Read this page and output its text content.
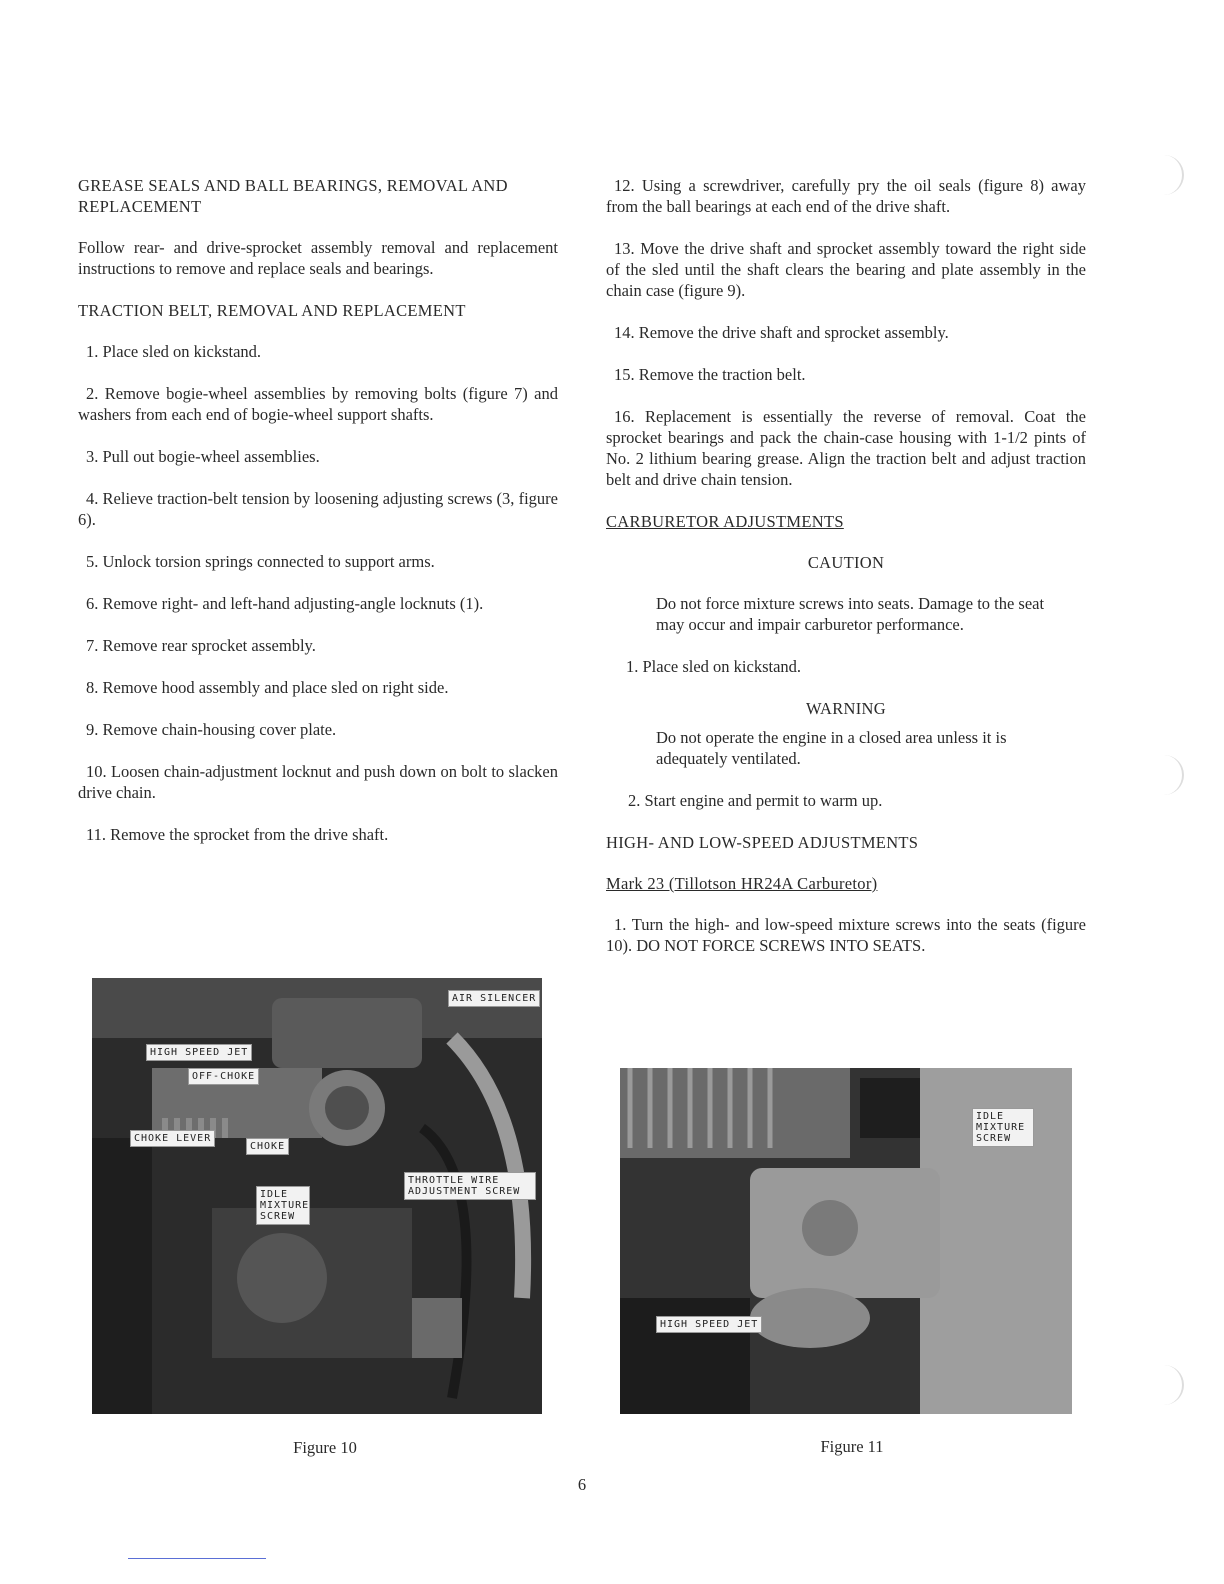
GREASE SEALS AND BALL BEARINGS, REMOVAL AND REPLACEMENT

Follow rear- and drive-sprocket assembly removal and replacement instructions to remove and replace seals and bearings.

TRACTION BELT, REMOVAL AND REPLACEMENT

1. Place sled on kickstand.

2. Remove bogie-wheel assemblies by removing bolts (figure 7) and washers from each end of bogie-wheel support shafts.

3. Pull out bogie-wheel assemblies.

4. Relieve traction-belt tension by loosening adjusting screws (3, figure 6).

5. Unlock torsion springs connected to support arms.

6. Remove right- and left-hand adjusting-angle locknuts (1).

7. Remove rear sprocket assembly.

8. Remove hood assembly and place sled on right side.

9. Remove chain-housing cover plate.

10. Loosen chain-adjustment locknut and push down on bolt to slacken drive chain.

11. Remove the sprocket from the drive shaft.

12. Using a screwdriver, carefully pry the oil seals (figure 8) away from the ball bearings at each end of the drive shaft.

13. Move the drive shaft and sprocket assembly toward the right side of the sled until the shaft clears the bearing and plate assembly in the chain case (figure 9).

14. Remove the drive shaft and sprocket assembly.

15. Remove the traction belt.

16. Replacement is essentially the reverse of removal. Coat the sprocket bearings and pack the chain-case housing with 1-1/2 pints of No. 2 lithium bearing grease. Align the traction belt and adjust traction belt and drive chain tension.

CARBURETOR ADJUSTMENTS
CAUTION

Do not force mixture screws into seats. Damage to the seat may occur and impair carburetor performance.

1. Place sled on kickstand.

WARNING

Do not operate the engine in a closed area unless it is adequately ventilated.

2. Start engine and permit to warm up.

HIGH- AND LOW-SPEED ADJUSTMENTS
Mark 23 (Tillotson HR24A Carburetor)

1. Turn the high- and low-speed mixture screws into the seats (figure 10). DO NOT FORCE SCREWS INTO SEATS.

AIR SILENCER
HIGH SPEED JET
OFF-CHOKE
CHOKE LEVER
CHOKE
IDLE MIXTURE SCREW
THROTTLE WIRE ADJUSTMENT SCREW
Figure 10
IDLE MIXTURE SCREW
HIGH SPEED JET
Figure 11
6
